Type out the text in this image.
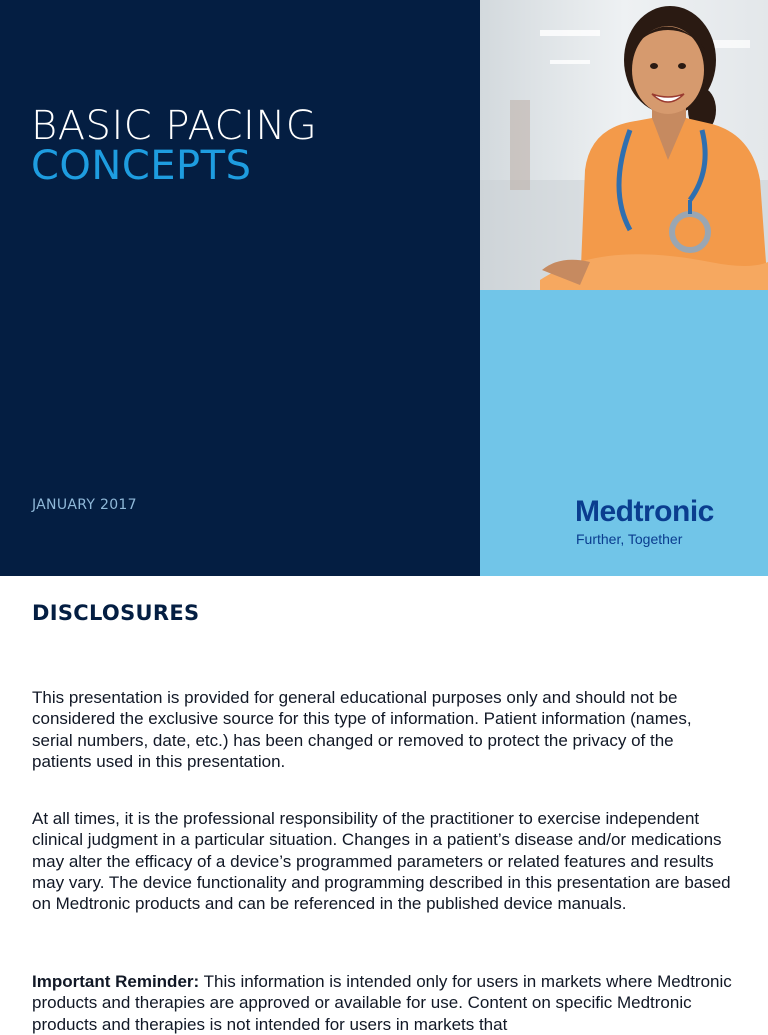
BASIC PACING
CONCEPTS
JANUARY 2017	Medtronic
Further, Together
DISCLOSURES

This presentation is provided for general educational purposes only and should not be considered the exclusive source for this type of information. Patient information (names, serial numbers, date, etc.) has been changed or removed to protect the privacy of the patients used in this presentation.

At all times, it is the professional responsibility of the practitioner to exercise independent clinical judgment in a particular situation. Changes in a patient’s disease and/or medications may alter the efficacy of a device’s programmed parameters or related features and results may vary. The device functionality and programming described in this presentation are based on Medtronic products and can be referenced in the published device manuals.

Important Reminder: This information is intended only for users in markets where Medtronic products and therapies are approved or available for use. Content on specific Medtronic products and therapies is not intended for users in markets that
